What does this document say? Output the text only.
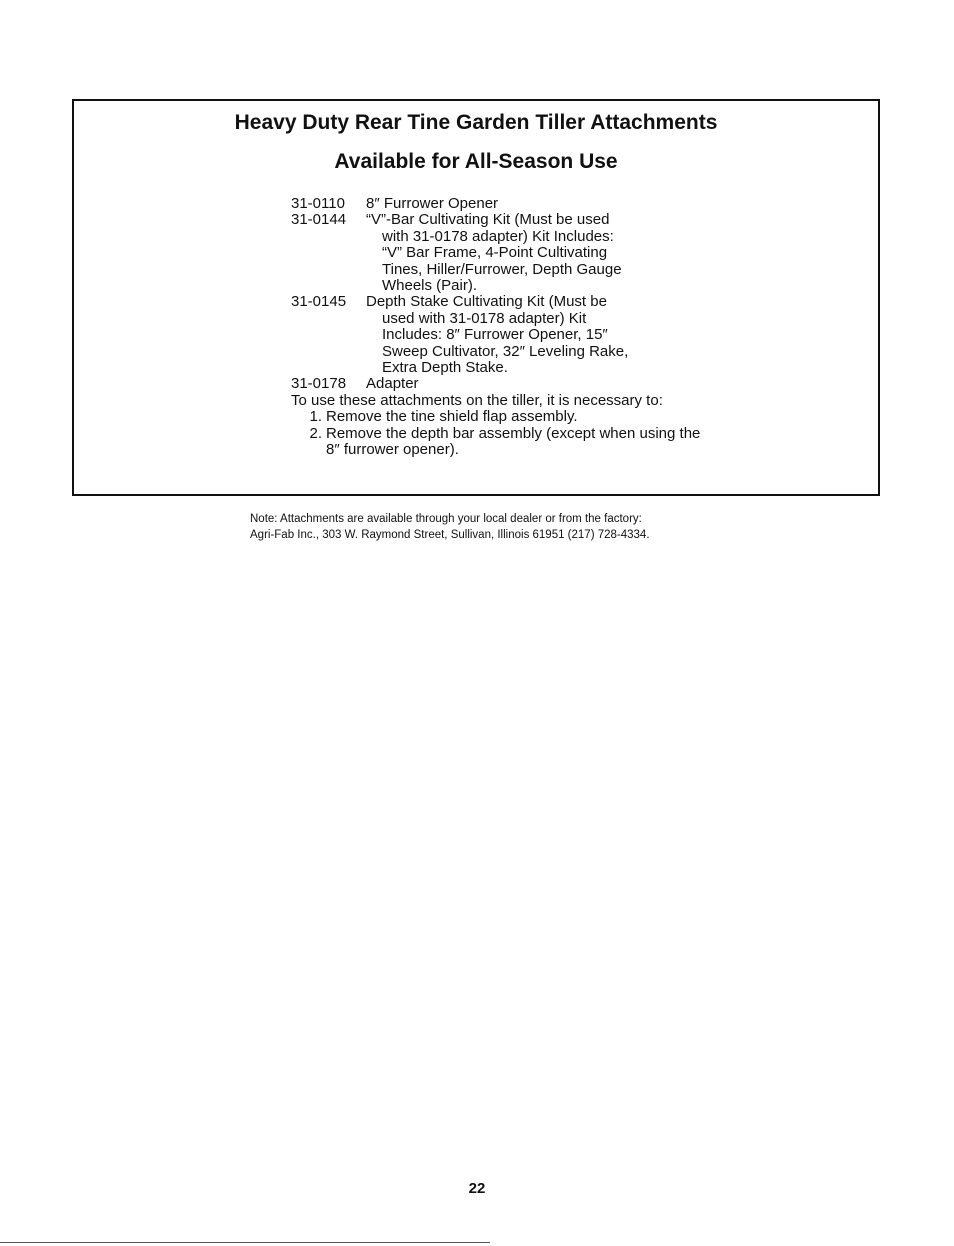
Heavy Duty Rear Tine Garden Tiller Attachments
Available for All-Season Use
31-0110	8″ Furrower Opener
31-0144	“V”-Bar Cultivating Kit (Must be used
with 31-0178 adapter) Kit Includes:
“V” Bar Frame, 4-Point Cultivating
Tines, Hiller/Furrower, Depth Gauge
Wheels (Pair).
31-0145	Depth Stake Cultivating Kit (Must be
used with 31-0178 adapter) Kit
Includes: 8″ Furrower Opener, 15″
Sweep Cultivator, 32″ Leveling Rake,
Extra Depth Stake.
31-0178	Adapter
To use these attachments on the tiller, it is necessary to:
1. Remove the tine shield flap assembly.
2. Remove the depth bar assembly (except when using the 8″ furrower opener).
Note: Attachments are available through your local dealer or from the factory:
Agri-Fab Inc., 303 W. Raymond Street, Sullivan, Illinois 61951 (217) 728-4334.
22
